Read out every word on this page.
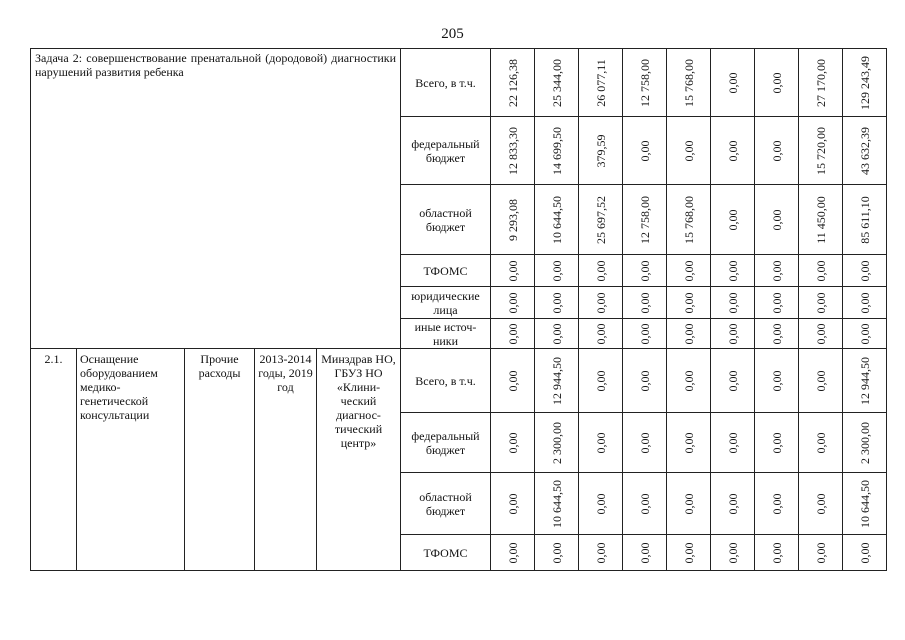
205
Задача 2: совершенствование пренатальной (дородовой) диагностики нарушений развития ребенка					Всего, в т.ч.	22 126,38	25 344,00	26 077,11	12 758,00	15 768,00	0,00	0,00	27 170,00	129 243,49

					федеральный бюджет	12 833,30	14 699,50	379,59	0,00	0,00	0,00	0,00	15 720,00	43 632,39

					областной бюджет	9 293,08	10 644,50	25 697,52	12 758,00	15 768,00	0,00	0,00	11 450,00	85 611,10

					ТФОМС	0,00	0,00	0,00	0,00	0,00	0,00	0,00	0,00	0,00

					юридические лица	0,00	0,00	0,00	0,00	0,00	0,00	0,00	0,00	0,00

					иные источ-ники	0,00	0,00	0,00	0,00	0,00	0,00	0,00	0,00	0,00

2.1.	Оснащение оборудованием медико-генетической консультации	Прочие расходы	2013-2014 годы, 2019 год	Минздрав НО, ГБУЗ НО «Клини-ческий диагнос-тический центр»	Всего, в т.ч.	0,00	12 944,50	0,00	0,00	0,00	0,00	0,00	0,00	12 944,50

					федеральный бюджет	0,00	2 300,00	0,00	0,00	0,00	0,00	0,00	0,00	2 300,00

					областной бюджет	0,00	10 644,50	0,00	0,00	0,00	0,00	0,00	0,00	10 644,50

					ТФОМС	0,00	0,00	0,00	0,00	0,00	0,00	0,00	0,00	0,00
